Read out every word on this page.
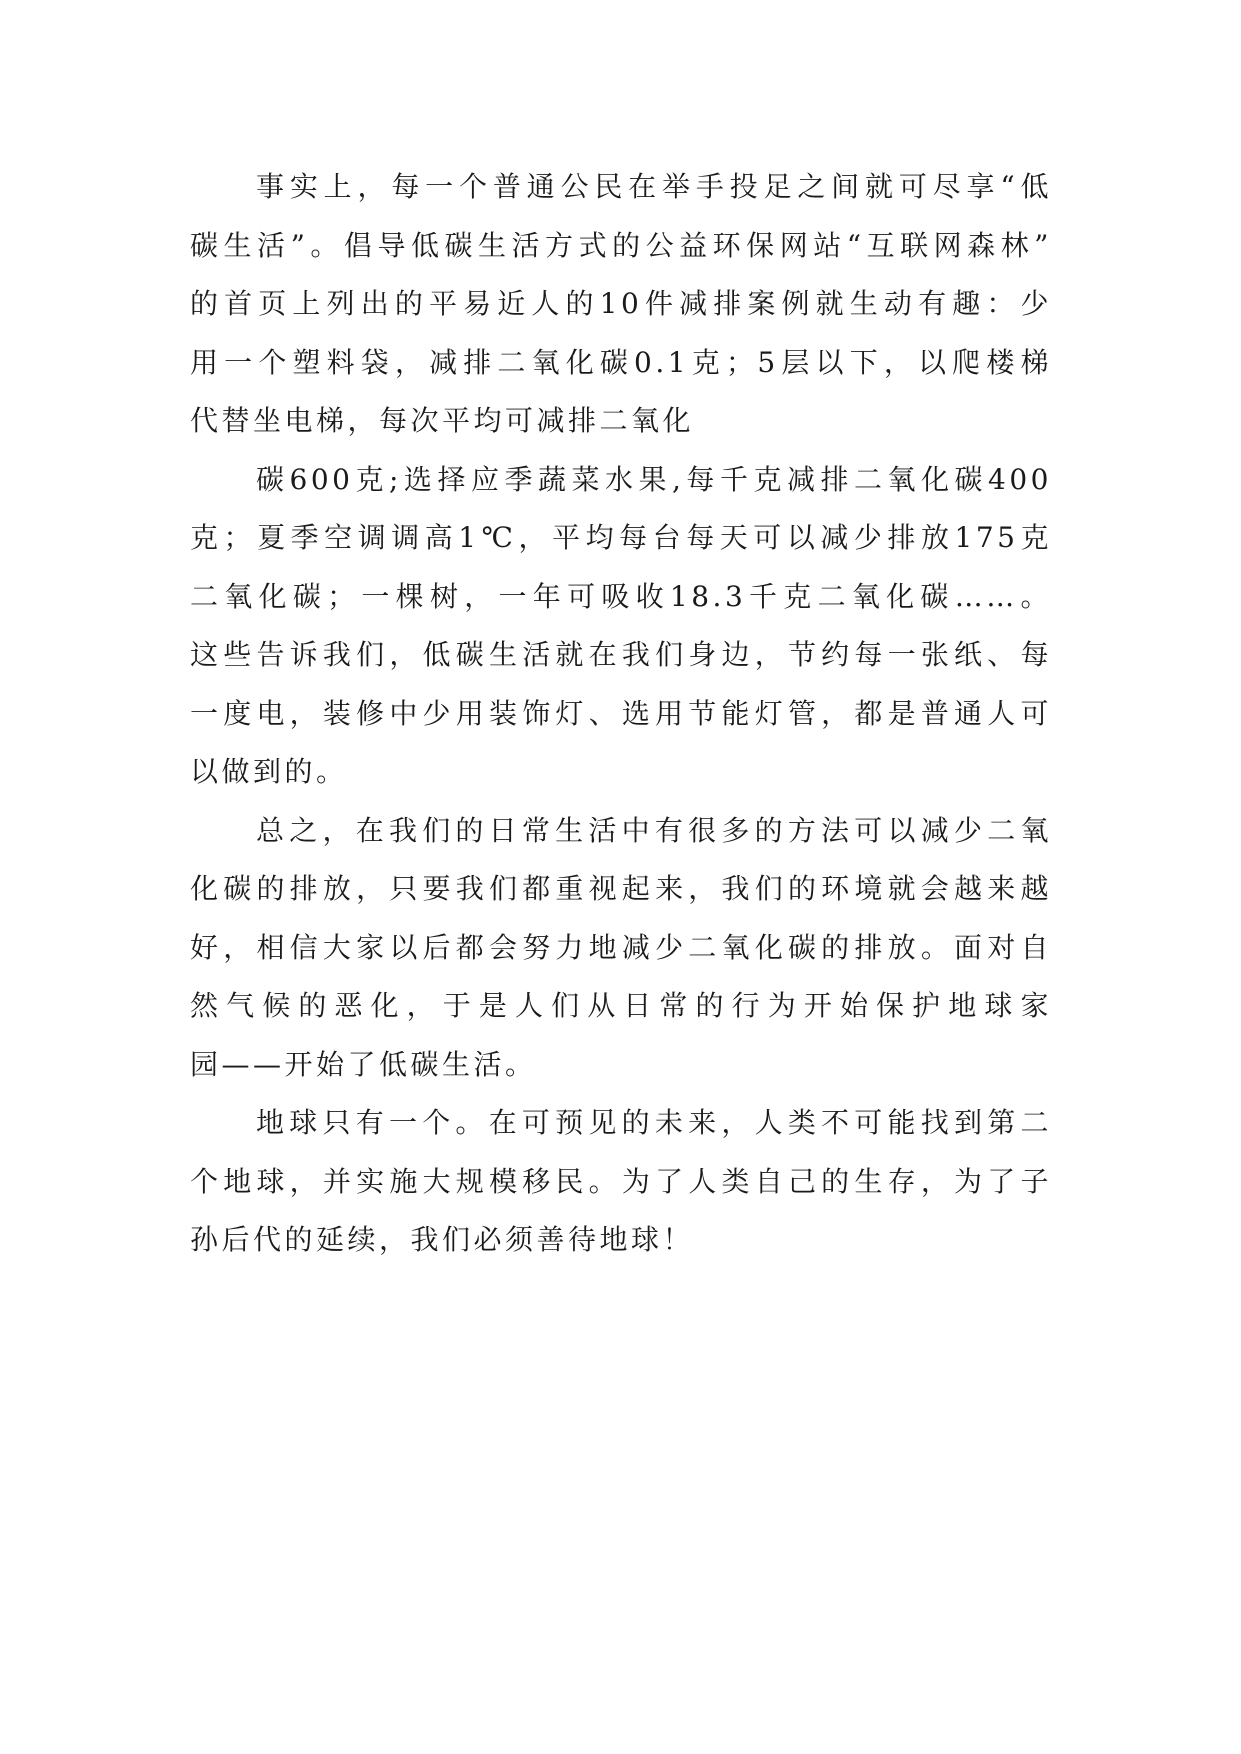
事实上，每一个普通公民在举手投足之间就可尽享“低
碳生活”。倡导低碳生活方式的公益环保网站“互联网森林”
的首页上列出的平易近人的10件减排案例就生动有趣：少
用一个塑料袋，减排二氧化碳0.1克；5层以下，以爬楼梯
代替坐电梯，每次平均可减排二氧化
碳600克;选择应季蔬菜水果,每千克减排二氧化碳400
克；夏季空调调高1℃，平均每台每天可以减少排放175克
二氧化碳；一棵树，一年可吸收18.3千克二氧化碳……。
这些告诉我们，低碳生活就在我们身边，节约每一张纸、每
一度电，装修中少用装饰灯、选用节能灯管，都是普通人可
以做到的。
总之，在我们的日常生活中有很多的方法可以减少二氧
化碳的排放，只要我们都重视起来，我们的环境就会越来越
好，相信大家以后都会努力地减少二氧化碳的排放。面对自
然气候的恶化，于是人们从日常的行为开始保护地球家
园——开始了低碳生活。
地球只有一个。在可预见的未来，人类不可能找到第二
个地球，并实施大规模移民。为了人类自己的生存，为了子
孙后代的延续，我们必须善待地球！
